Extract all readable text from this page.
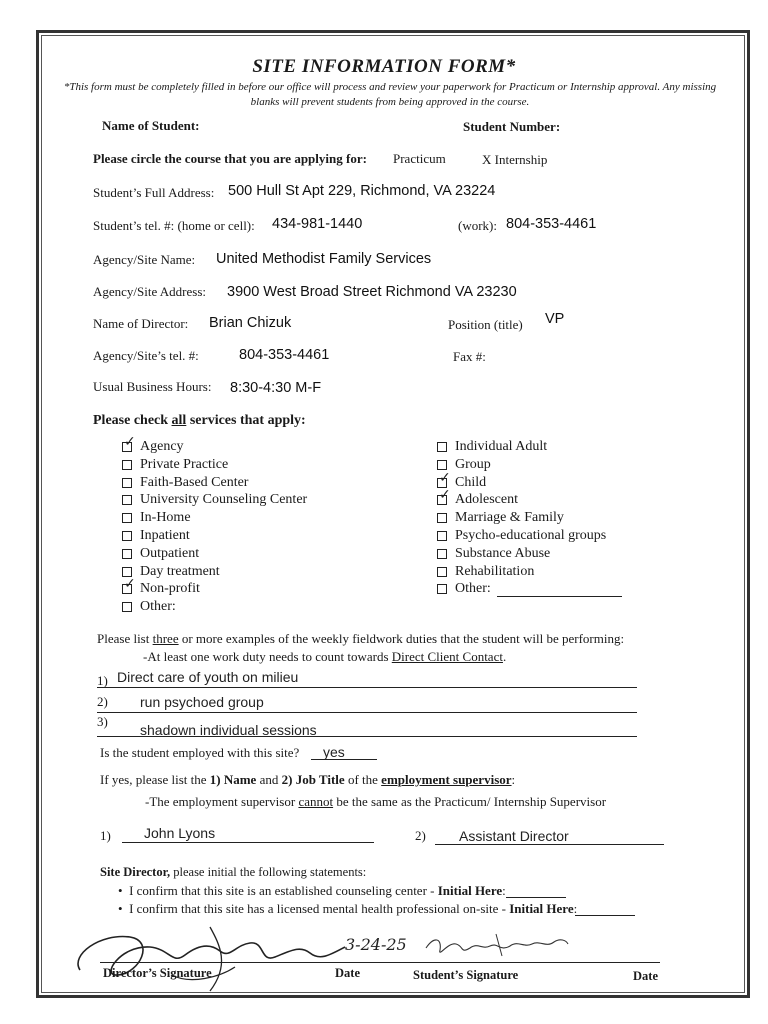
SITE INFORMATION FORM*
*This form must be completely filled in before our office will process and review your paperwork for Practicum or Internship approval. Any missing blanks will prevent students from being approved in the course.
Name of Student:	Student Number:
Please circle the course that you are applying for: Practicum	X Internship
Student’s Full Address: 500 Hull St Apt 229, Richmond, VA 23224
Student’s tel. #: (home or cell): 434-981-1440	(work): 804-353-4461
Agency/Site Name: United Methodist Family Services
Agency/Site Address: 3900 West Broad Street Richmond VA 23230
Name of Director: Brian Chizuk	Position (title) VP
Agency/Site’s tel. #:	804-353-4461	Fax #:
Usual Business Hours: 8:30-4:30 M-F
Please check all services that apply:
✓ Agency
Private Practice
Faith-Based Center
University Counseling Center
In-Home
Inpatient
Outpatient
Day treatment
✓ Non-profit
Other:
Individual Adult
Group
✓ Child
✓ Adolescent
Marriage & Family
Psycho-educational groups
Substance Abuse
Rehabilitation
Other:
Please list three or more examples of the weekly fieldwork duties that the student will be performing:
-At least one work duty needs to count towards Direct Client Contact.
1) Direct care of youth on milieu
2) run psychoed group
3)
shadown individual sessions
Is the student employed with this site? yes
If yes, please list the 1) Name and 2) Job Title of the employment supervisor:
-The employment supervisor cannot be the same as the Practicum/ Internship Supervisor
1) John Lyons	2) Assistant Director
Site Director, please initial the following statements:
•  I confirm that this site is an established counseling center - Initial Here:
•  I confirm that this site has a licensed mental health professional on-site - Initial Here:
3-24-25
Director’s Signature	Date	Student’s Signature	Date
